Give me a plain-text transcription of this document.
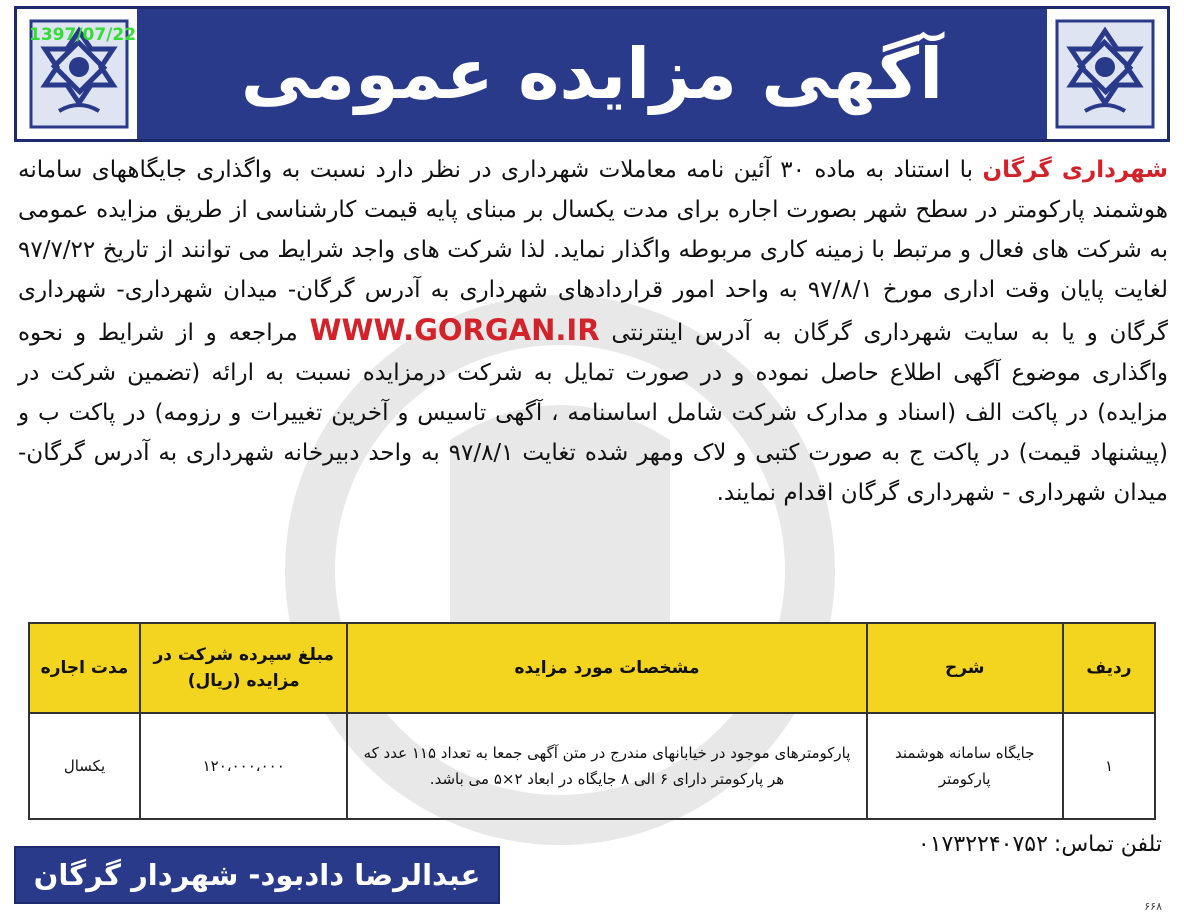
آگهی مزایده عمومی
1397/07/22
شهرداری گرگان با استناد به ماده ۳۰ آئین نامه معاملات شهرداری در نظر دارد نسبت به واگذاری جایگاههای سامانه هوشمند پارکومتر در سطح شهر بصورت اجاره برای مدت یکسال بر مبنای پایه قیمت کارشناسی از طریق مزایده عمومی به شرکت های فعال و مرتبط با زمینه کاری مربوطه واگذار نماید. لذا شرکت های واجد شرایط می توانند از تاریخ ۹۷/۷/۲۲ لغایت پایان وقت اداری مورخ ۹۷/۸/۱ به واحد امور قراردادهای شهرداری به آدرس گرگان- میدان شهرداری- شهرداری گرگان و یا به سایت شهرداری گرگان به آدرس اینترنتی WWW.GORGAN.IR مراجعه و از شرایط و نحوه واگذاری موضوع آگهی اطلاع حاصل نموده و در صورت تمایل به شرکت درمزایده نسبت به ارائه (تضمین شرکت در مزایده) در پاکت الف (اسناد و مدارک شرکت شامل اساسنامه ، آگهی تاسیس و آخرین تغییرات و رزومه) در پاکت ب و (پیشنهاد قیمت) در پاکت ج به صورت کتبی و لاک ومهر شده تغایت ۹۷/۸/۱ به واحد دبیرخانه شهرداری به آدرس گرگان-میدان شهرداری - شهرداری گرگان اقدام نمایند.
ردیف	شرح	مشخصات مورد مزایده	مبلغ سپرده شرکت در مزایده (ریال)	مدت اجاره
۱	جایگاه سامانه هوشمند پارکومتر	پارکومترهای موجود در خیابانهای مندرج در متن آگهی جمعا به تعداد ۱۱۵ عدد که هر پارکومتر دارای ۶ الی ۸ جایگاه در ابعاد ۲×۵ می باشد.	۱۲۰،۰۰۰،۰۰۰	یکسال
تلفن تماس:۰۱۷۳۲۲۴۰۷۵۲
عبدالرضا دادبود- شهردار گرگان
۶۶۸
